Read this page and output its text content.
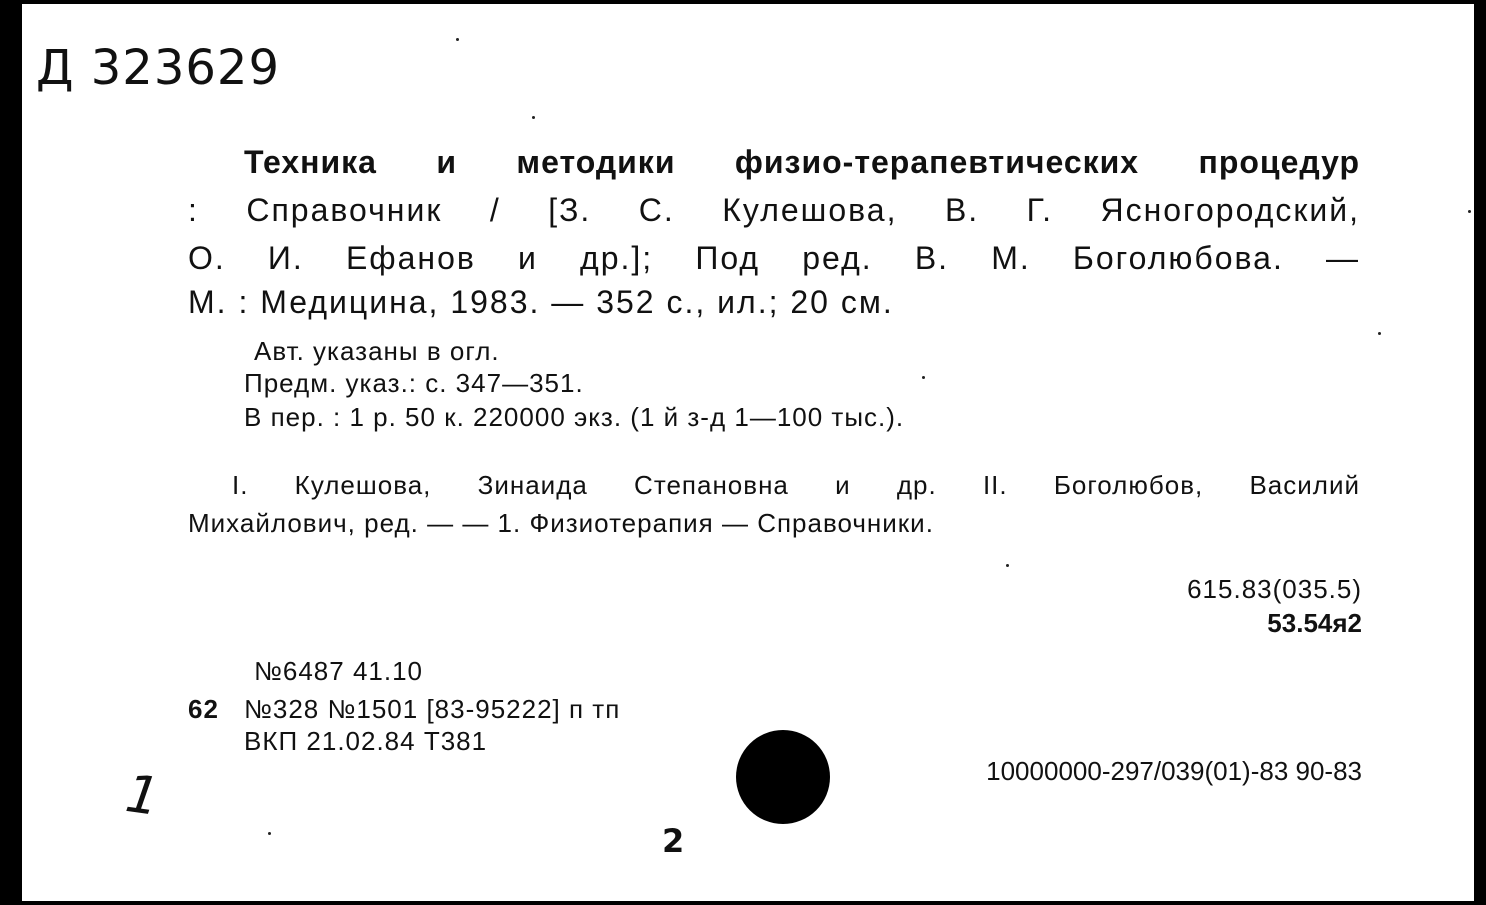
Д 323629
Техника и методики физио-терапевтических процедур
: Справочник / [З. С. Кулешова, В. Г. Ясногородский,
О. И. Ефанов и др.]; Под ред. В. М. Боголюбова. —
М. : Медицина, 1983. — 352 с., ил.; 20 см.
Авт. указаны в огл.
Предм. указ.: с. 347—351.
В пер. : 1 р. 50 к. 220000 экз. (1 й з-д 1—100 тыс.).
I. Кулешова, Зинаида Степановна и др. II. Боголюбов, Василий
Михайлович, ред. — — 1. Физиотерапия — Справочники.
615.83(035.5)
53.54я2
№6487 41.10
62 №328 №1501 [83-95222] п тп
ВКП 21.02.84 Т381
10000000-297/039(01)-83 90-83
1
2
